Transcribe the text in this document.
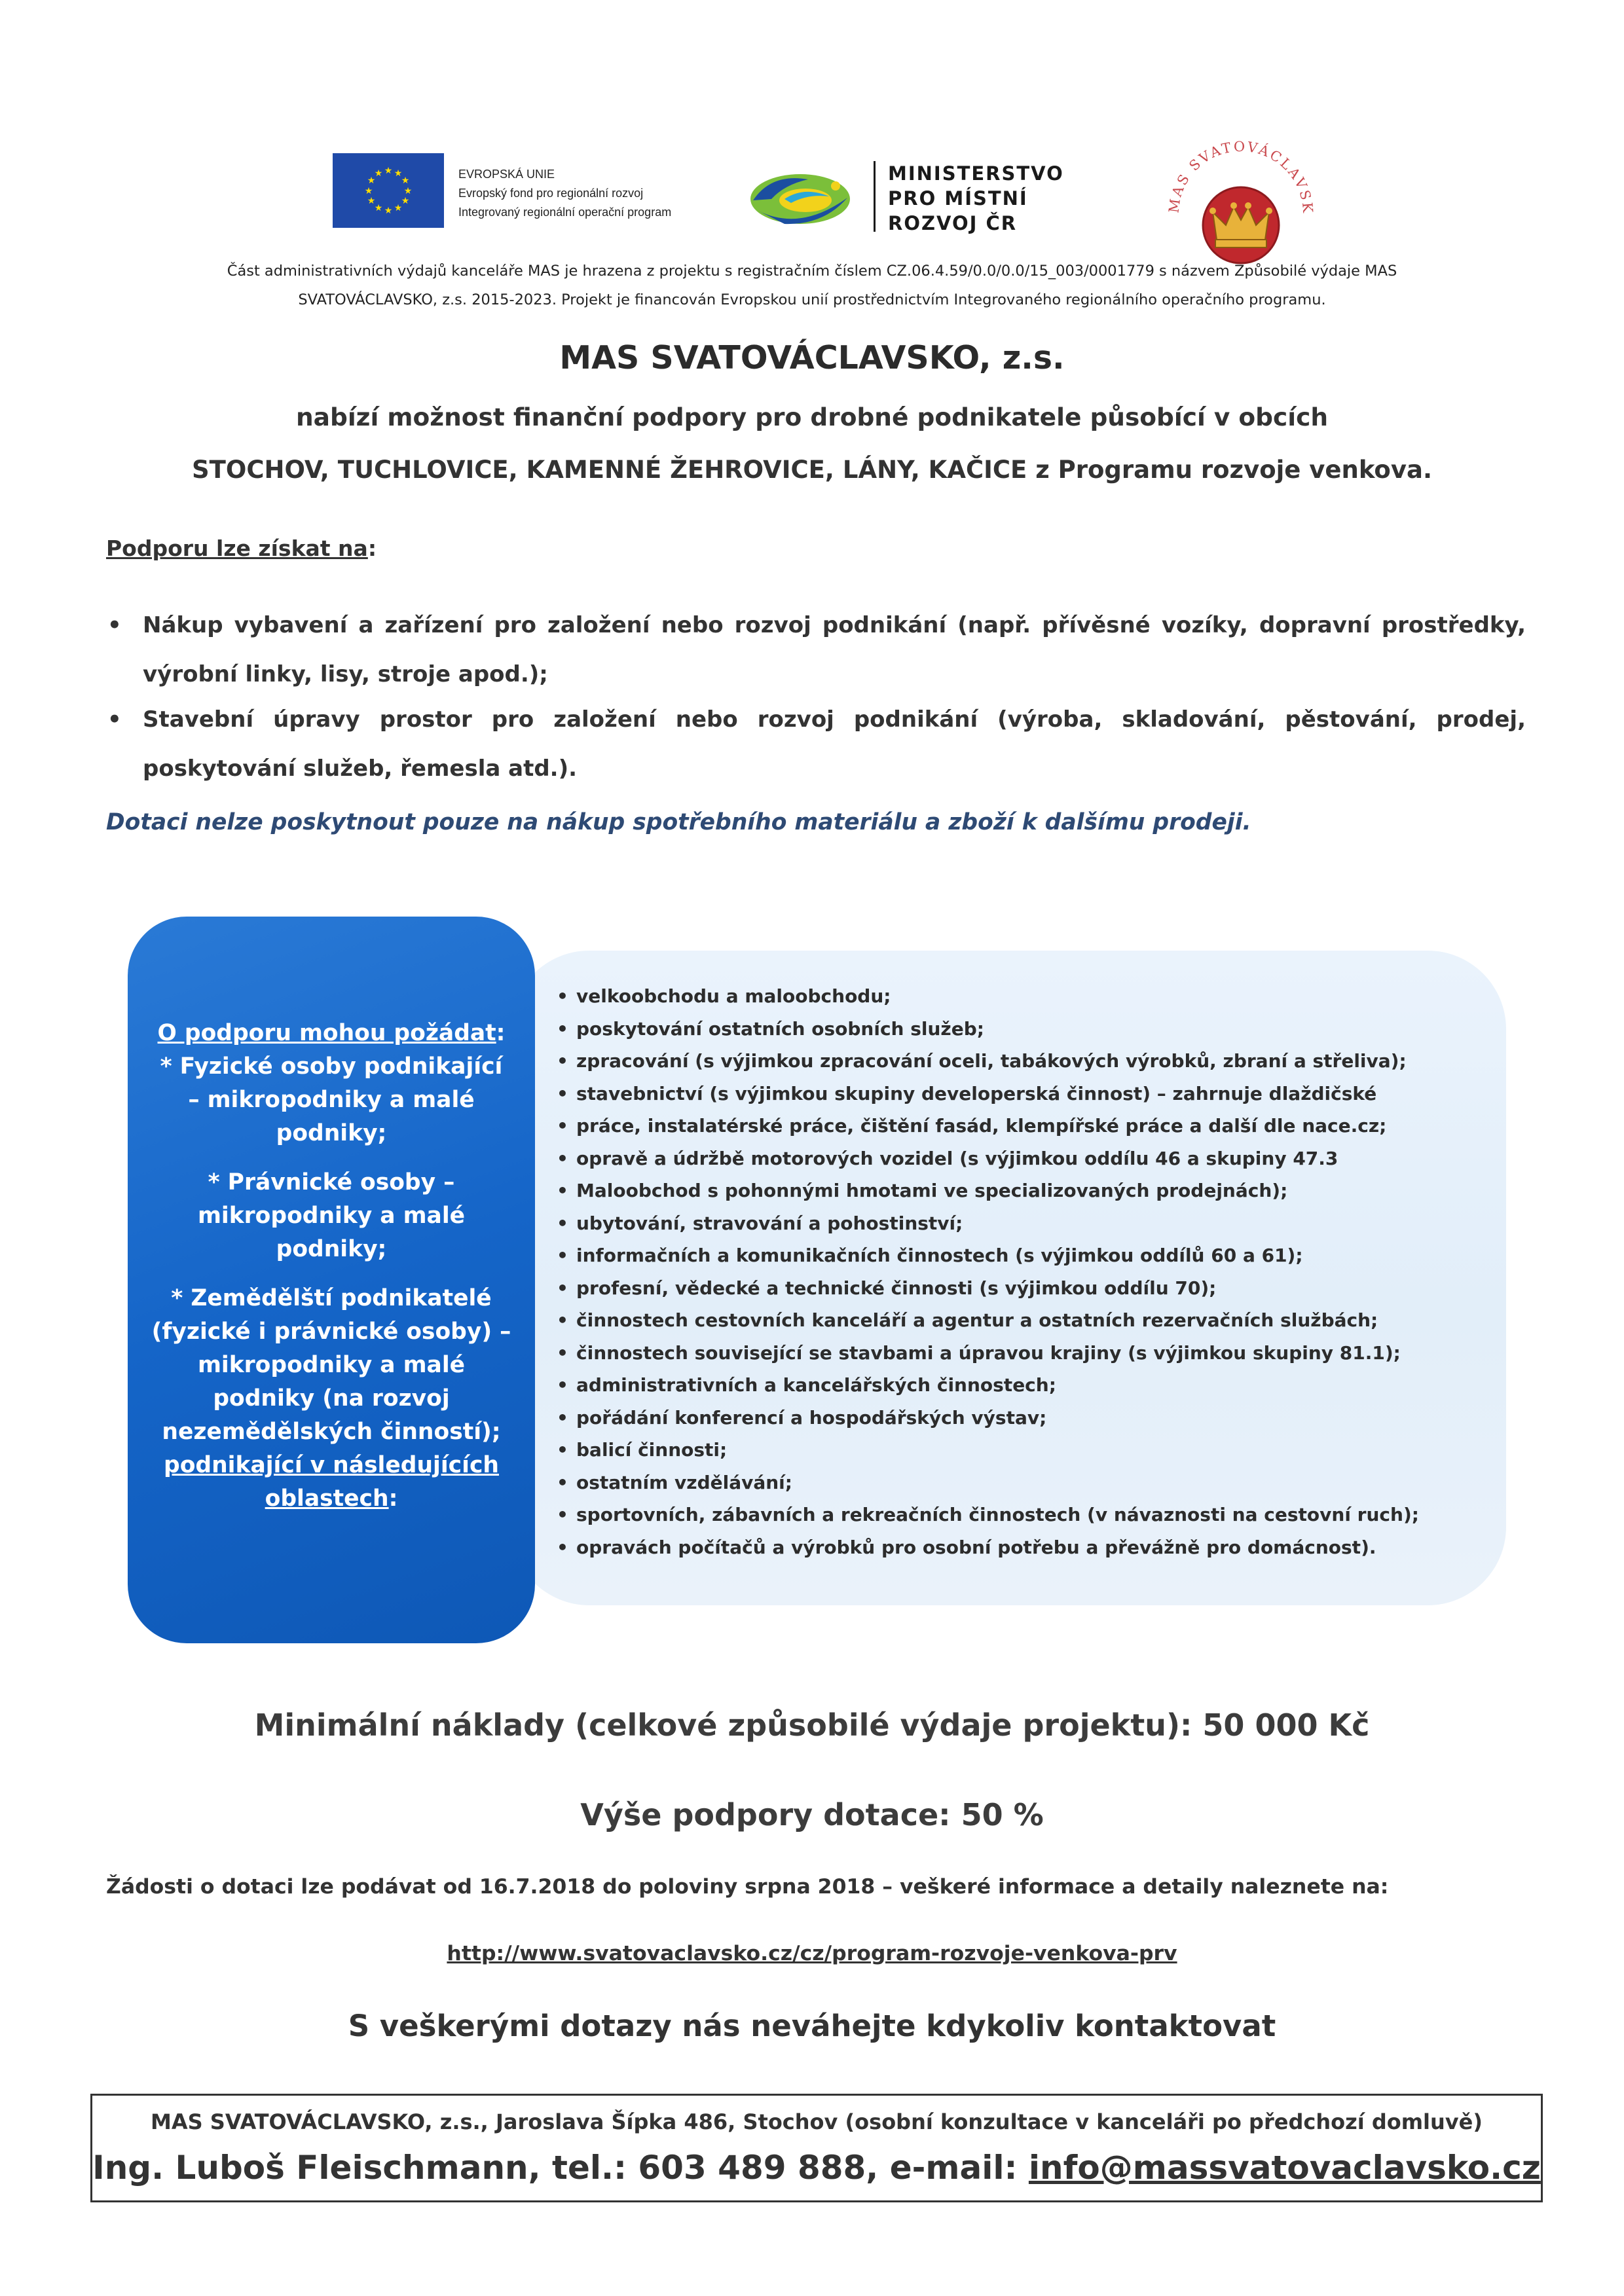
★ ★
★
★
★
★
★
★
★
★
★
★	EVROPSKÁ UNIE
Evropský fond pro regionální rozvoj
Integrovaný regionální operační program
MINISTERSTVO
PRO MÍSTNÍ
ROZVOJ ČR
MAS SVATOVÁCLAVSK
Část administrativních výdajů kanceláře MAS je hrazena z projektu s registračním číslem CZ.06.4.59/0.0/0.0/15_003/0001779 s názvem Způsobilé výdaje MAS
SVATOVÁCLAVSKO, z.s. 2015-2023. Projekt je financován Evropskou unií prostřednictvím Integrovaného regionálního operačního programu.
MAS SVATOVÁCLAVSKO, z.s.
nabízí možnost finanční podpory pro drobné podnikatele působící v obcích
STOCHOV, TUCHLOVICE, KAMENNÉ ŽEHROVICE, LÁNY, KAČICE z Programu rozvoje venkova.
Podporu lze získat na:
• Nákup vybavení a zařízení pro založení nebo rozvoj podnikání (např. přívěsné vozíky, dopravní prostředky, výrobní linky, lisy, stroje apod.);
• Stavební úpravy prostor pro založení nebo rozvoj podnikání (výroba, skladování, pěstování, prodej, poskytování služeb, řemesla atd.).
Dotaci nelze poskytnout pouze na nákup spotřebního materiálu a zboží k dalšímu prodeji.

O podporu mohou požádat:

* Fyzické osoby podnikající

– mikropodniky a malé

podniky;

* Právnické osoby –

mikropodniky a malé

podniky;

* Zemědělští podnikatelé

(fyzické i právnické osoby) –

mikropodniky a malé

podniky (na rozvoj

nezemědělských činností);

podnikající v následujících

oblastech:

• velkoobchodu a maloobchodu;
• poskytování ostatních osobních služeb;
• zpracování (s výjimkou zpracování oceli, tabákových výrobků, zbraní a střeliva);
• stavebnictví (s výjimkou skupiny developerská činnost) – zahrnuje dlaždičské
• práce, instalatérské práce, čištění fasád, klempířské práce a další dle nace.cz;
• opravě a údržbě motorových vozidel (s výjimkou oddílu 46 a skupiny 47.3
• Maloobchod s pohonnými hmotami ve specializovaných prodejnách);
• ubytování, stravování a pohostinství;
• informačních a komunikačních činnostech (s výjimkou oddílů 60 a 61);
• profesní, vědecké a technické činnosti (s výjimkou oddílu 70);
• činnostech cestovních kanceláří a agentur a ostatních rezervačních službách;
• činnostech související se stavbami a úpravou krajiny (s výjimkou skupiny 81.1);
• administrativních a kancelářských činnostech;
• pořádání konferencí a hospodářských výstav;
• balicí činnosti;
• ostatním vzdělávání;
• sportovních, zábavních a rekreačních činnostech (v návaznosti na cestovní ruch);
• opravách počítačů a výrobků pro osobní potřebu a převážně pro domácnost).
Minimální náklady (celkové způsobilé výdaje projektu): 50 000 Kč
Výše podpory dotace: 50 %
Žádosti o dotaci lze podávat od 16.7.2018 do poloviny srpna 2018 – veškeré informace a detaily naleznete na:
http://www.svatovaclavsko.cz/cz/program-rozvoje-venkova-prv
S veškerými dotazy nás neváhejte kdykoliv kontaktovat
MAS SVATOVÁCLAVSKO, z.s., Jaroslava Šípka 486, Stochov (osobní konzultace v kanceláři po předchozí domluvě)
Ing. Luboš Fleischmann, tel.: 603 489 888, e-mail: info@massvatovaclavsko.cz
